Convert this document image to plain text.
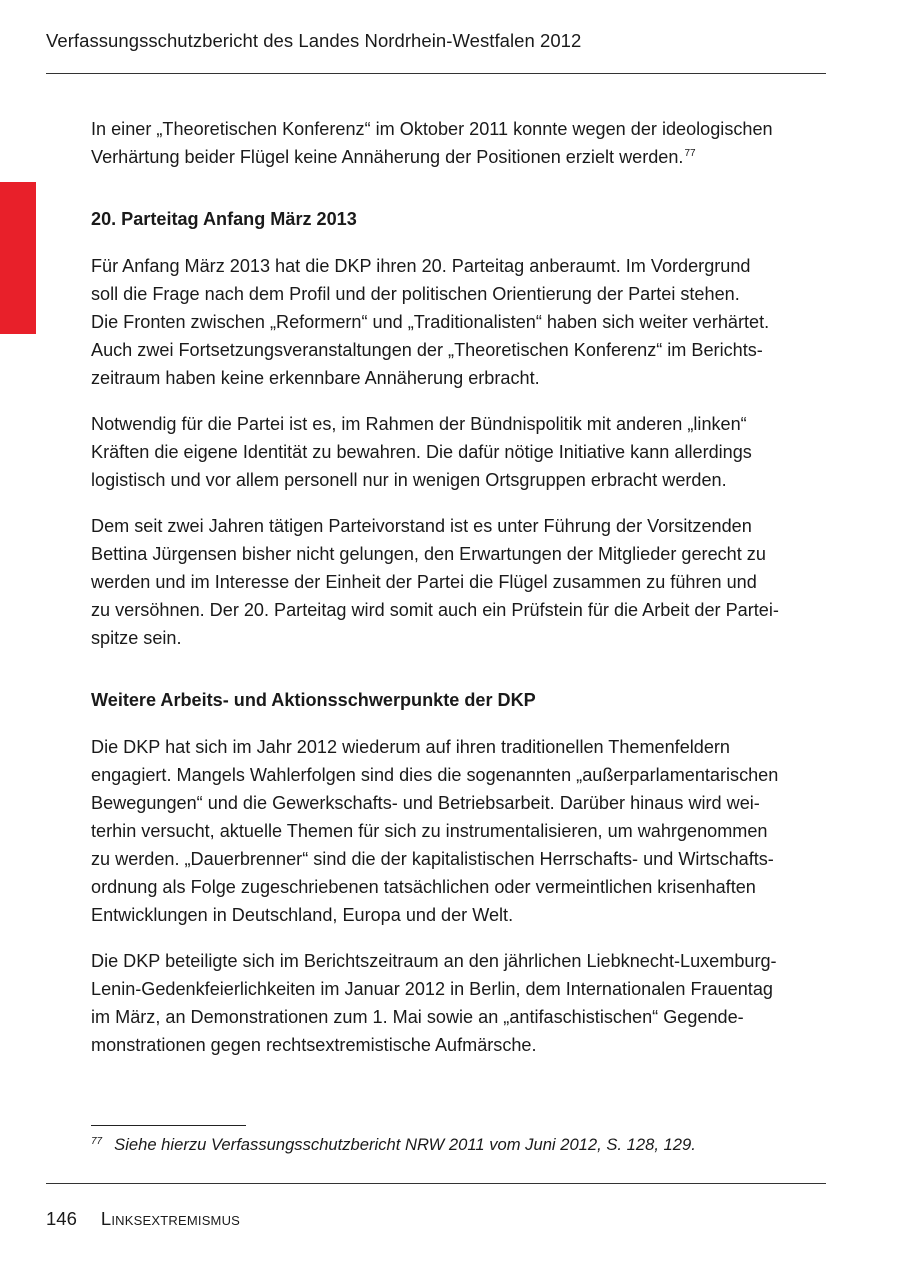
Verfassungsschutzbericht des Landes Nordrhein-Westfalen 2012

In einer „Theoretischen Konferenz“ im Oktober 2011 konnte wegen der ideologischen
Verhärtung beider Flügel keine Annäherung der Positionen erzielt werden.$^{77}$

20. Parteitag Anfang März 2013

Für Anfang März 2013 hat die DKP ihren 20. Parteitag anberaumt. Im Vordergrund
soll die Frage nach dem Profil und der politischen Orientierung der Partei stehen.
Die Fronten zwischen „Reformern“ und „Traditionalisten“ haben sich weiter verhärtet.
Auch zwei Fortsetzungsveranstaltungen der „Theoretischen Konferenz“ im Berichts-
zeitraum haben keine erkennbare Annäherung erbracht.

Notwendig für die Partei ist es, im Rahmen der Bündnispolitik mit anderen „linken“
Kräften die eigene Identität zu bewahren. Die dafür nötige Initiative kann allerdings
logistisch und vor allem personell nur in wenigen Ortsgruppen erbracht werden.

Dem seit zwei Jahren tätigen Parteivorstand ist es unter Führung der Vorsitzenden
Bettina Jürgensen bisher nicht gelungen, den Erwartungen der Mitglieder gerecht zu
werden und im Interesse der Einheit der Partei die Flügel zusammen zu führen und
zu versöhnen. Der 20. Parteitag wird somit auch ein Prüfstein für die Arbeit der Partei-
spitze sein.

Weitere Arbeits- und Aktionsschwerpunkte der DKP

Die DKP hat sich im Jahr 2012 wiederum auf ihren traditionellen Themenfeldern
engagiert. Mangels Wahlerfolgen sind dies die sogenannten „außerparlamentarischen
Bewegungen“ und die Gewerkschafts- und Betriebsarbeit. Darüber hinaus wird wei-
terhin versucht, aktuelle Themen für sich zu instrumentalisieren, um wahrgenommen
zu werden. „Dauerbrenner“ sind die der kapitalistischen Herrschafts- und Wirtschafts-
ordnung als Folge zugeschriebenen tatsächlichen oder vermeintlichen krisenhaften
Entwicklungen in Deutschland, Europa und der Welt.

Die DKP beteiligte sich im Berichtszeitraum an den jährlichen Liebknecht-Luxemburg-
Lenin-Gedenkfeierlichkeiten im Januar 2012 in Berlin, dem Internationalen Frauentag
im März, an Demonstrationen zum 1. Mai sowie an „antifaschistischen“ Gegende-
monstrationen gegen rechtsextremistische Aufmärsche.

$^{77}$ Siehe hierzu Verfassungsschutzbericht NRW 2011 vom Juni 2012, S. 128, 129.
146 Linksextremismus
